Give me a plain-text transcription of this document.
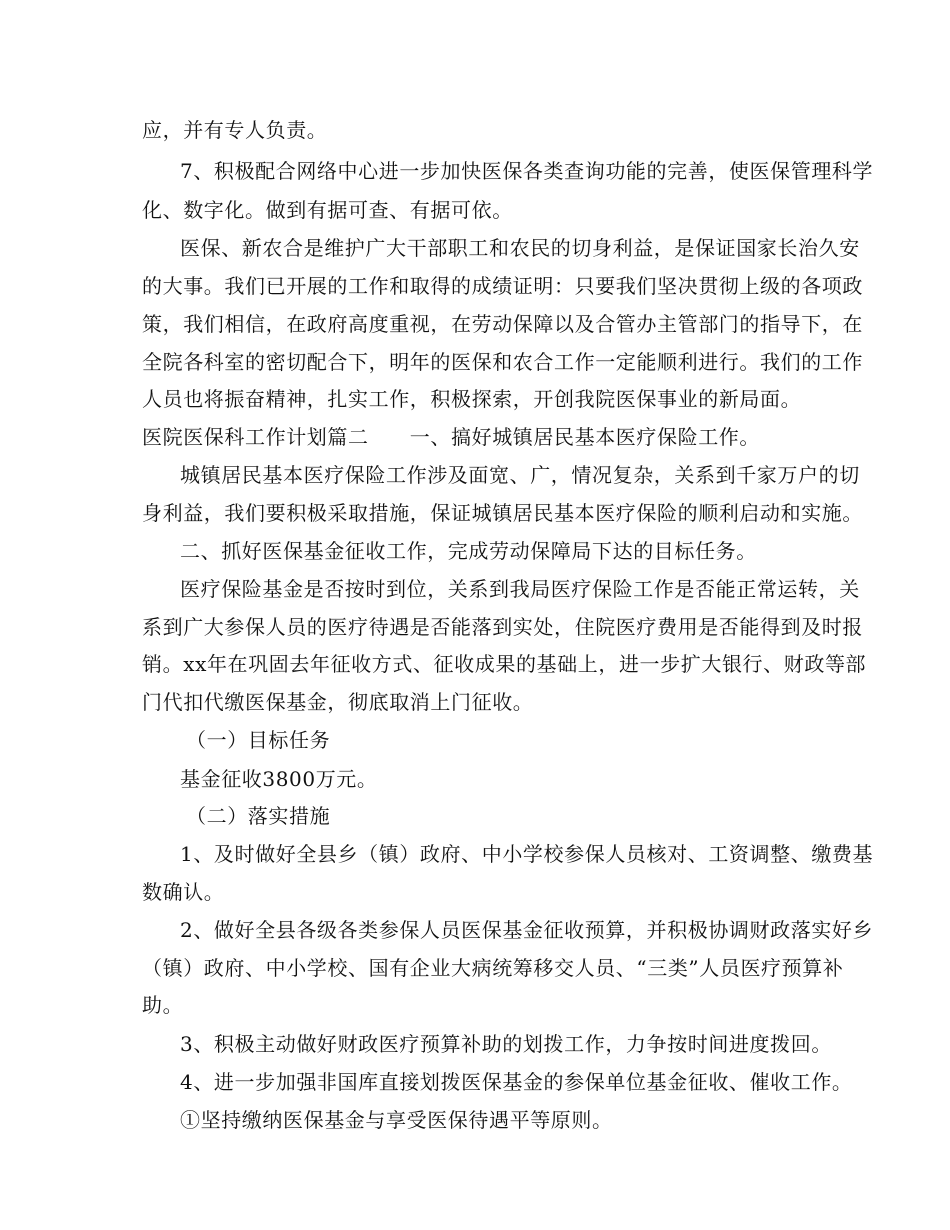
应，并有专人负责。
7、积极配合网络中心进一步加快医保各类查询功能的完善，使医保管理科学
化、数字化。做到有据可查、有据可依。
医保、新农合是维护广大干部职工和农民的切身利益，是保证国家长治久安
的大事。我们已开展的工作和取得的成绩证明：只要我们坚决贯彻上级的各项政
策，我们相信，在政府高度重视，在劳动保障以及合管办主管部门的指导下，在
全院各科室的密切配合下，明年的医保和农合工作一定能顺利进行。我们的工作
人员也将振奋精神，扎实工作，积极探索，开创我院医保事业的新局面。
医院医保科工作计划篇二　　一、搞好城镇居民基本医疗保险工作。
城镇居民基本医疗保险工作涉及面宽、广，情况复杂，关系到千家万户的切
身利益，我们要积极采取措施，保证城镇居民基本医疗保险的顺利启动和实施。
二、抓好医保基金征收工作，完成劳动保障局下达的目标任务。
医疗保险基金是否按时到位，关系到我局医疗保险工作是否能正常运转，关
系到广大参保人员的医疗待遇是否能落到实处，住院医疗费用是否能得到及时报
销。xx年在巩固去年征收方式、征收成果的基础上，进一步扩大银行、财政等部
门代扣代缴医保基金，彻底取消上门征收。
（一）目标任务
基金征收3800万元。
（二）落实措施
1、及时做好全县乡（镇）政府、中小学校参保人员核对、工资调整、缴费基
数确认。
2、做好全县各级各类参保人员医保基金征收预算，并积极协调财政落实好乡
（镇）政府、中小学校、国有企业大病统筹移交人员、“三类”人员医疗预算补
助。
3、积极主动做好财政医疗预算补助的划拨工作，力争按时间进度拨回。
4、进一步加强非国库直接划拨医保基金的参保单位基金征收、催收工作。
①坚持缴纳医保基金与享受医保待遇平等原则。
